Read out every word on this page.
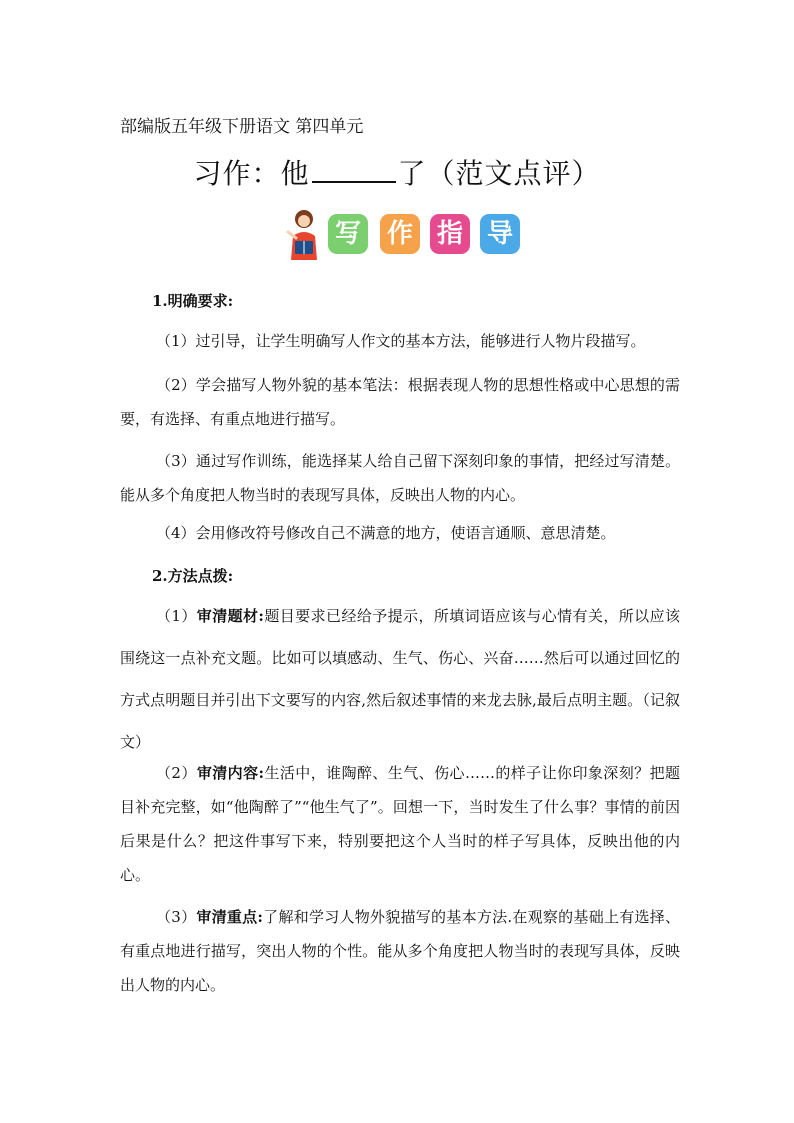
部编版五年级下册语文 第四单元
习作：他	了（范文点评）
写 作 指 导
1.明确要求:

（1）过引导，让学生明确写人作文的基本方法，能够进行人物片段描写。

（2）学会描写人物外貌的基本笔法：根据表现人物的思想性格或中心思想的需要，有选择、有重点地进行描写。

（3）通过写作训练，能选择某人给自己留下深刻印象的事情，把经过写清楚。能从多个角度把人物当时的表现写具体，反映出人物的内心。

（4）会用修改符号修改自己不满意的地方，使语言通顺、意思清楚。

2.方法点拨:

（1）审清题材:题目要求已经给予提示，所填词语应该与心情有关，所以应该围绕这一点补充文题。比如可以填感动、生气、伤心、兴奋……然后可以通过回忆的方式点明题目并引出下文要写的内容,然后叙述事情的来龙去脉,最后点明主题。（记叙文）

（2）审清内容:生活中，谁陶醉、生气、伤心……的样子让你印象深刻？把题目补充完整，如“他陶醉了”“他生气了”。回想一下，当时发生了什么事？事情的前因后果是什么？把这件事写下来，特别要把这个人当时的样子写具体，反映出他的内心。

（3）审清重点:了解和学习人物外貌描写的基本方法.在观察的基础上有选择、有重点地进行描写，突出人物的个性。能从多个角度把人物当时的表现写具体，反映出人物的内心。
